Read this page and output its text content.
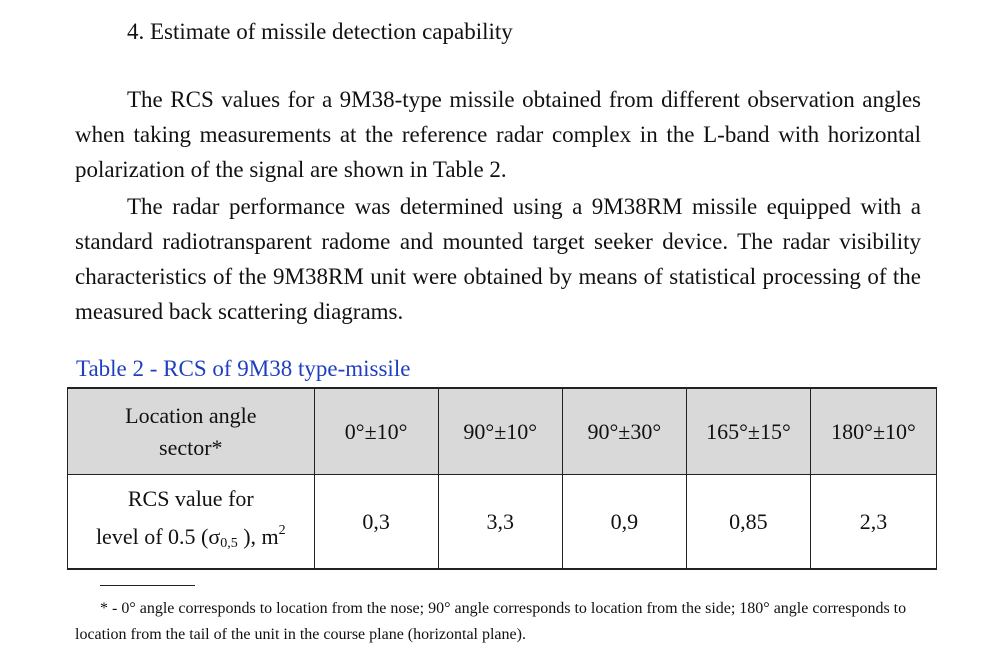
4. Estimate of missile detection capability

The RCS values for a 9M38-type missile obtained from different observation angles when taking measurements at the reference radar complex in the L-band with horizontal polarization of the signal are shown in Table 2.

The radar performance was determined using a 9M38RM missile equipped with a standard radiotransparent radome and mounted target seeker device. The radar visibility characteristics of the 9M38RM unit were obtained by means of statistical processing of the measured back scattering diagrams.

Table 2 - RCS of 9M38 type-missile
Location angle
sector*	0°±10°	90°±10°	90°±30°	165°±15°	180°±10°
RCS value for
level of 0.5 ($\sigma_{0,5}$ ), $m^2$	0,3	3,3	0,9	0,85	2,3

* - 0° angle corresponds to location from the nose; 90° angle corresponds to location from the side; 180° angle corresponds to location from the tail of the unit in the course plane (horizontal plane).
